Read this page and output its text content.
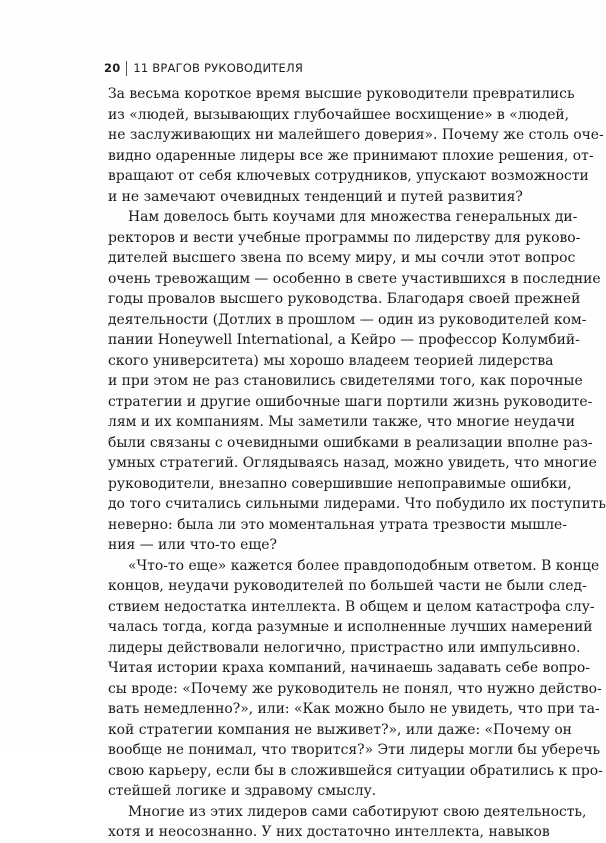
20	11 ВРАГОВ РУКОВОДИТЕЛЯ
За весьма короткое время высшие руководители превратились
из «людей, вызывающих глубочайшее восхищение» в «людей,
не заслуживающих ни малейшего доверия». Почему же столь оче-
видно одаренные лидеры все же принимают плохие решения, от-
вращают от себя ключевых сотрудников, упускают возможности
и не замечают очевидных тенденций и путей развития?
Нам довелось быть коучами для множества генеральных ди-
ректоров и вести учебные программы по лидерству для руково-
дителей высшего звена по всему миру, и мы сочли этот вопрос
очень тревожащим — особенно в свете участившихся в последние
годы провалов высшего руководства. Благодаря своей прежней
деятельности (Дотлих в прошлом — один из руководителей ком-
пании Honeywell International, а Кейро — профессор Колумбий-
ского университета) мы хорошо владеем теорией лидерства
и при этом не раз становились свидетелями того, как порочные
стратегии и другие ошибочные шаги портили жизнь руководите-
лям и их компаниям. Мы заметили также, что многие неудачи
были связаны с очевидными ошибками в реализации вполне раз-
умных стратегий. Оглядываясь назад, можно увидеть, что многие
руководители, внезапно совершившие непоправимые ошибки,
до того считались сильными лидерами. Что побудило их поступить
неверно: была ли это моментальная утрата трезвости мышле-
ния — или что-то еще?
«Что-то еще» кажется более правдоподобным ответом. В конце
концов, неудачи руководителей по большей части не были след-
ствием недостатка интеллекта. В общем и целом катастрофа слу-
чалась тогда, когда разумные и исполненные лучших намерений
лидеры действовали нелогично, пристрастно или импульсивно.
Читая истории краха компаний, начинаешь задавать себе вопро-
сы вроде: «Почему же руководитель не понял, что нужно действо-
вать немедленно?», или: «Как можно было не увидеть, что при та-
кой стратегии компания не выживет?», или даже: «Почему он
вообще не понимал, что творится?» Эти лидеры могли бы уберечь
свою карьеру, если бы в сложившейся ситуации обратились к про-
стейшей логике и здравому смыслу.
Многие из этих лидеров сами саботируют свою деятельность,
хотя и неосознанно. У них достаточно интеллекта, навыков
